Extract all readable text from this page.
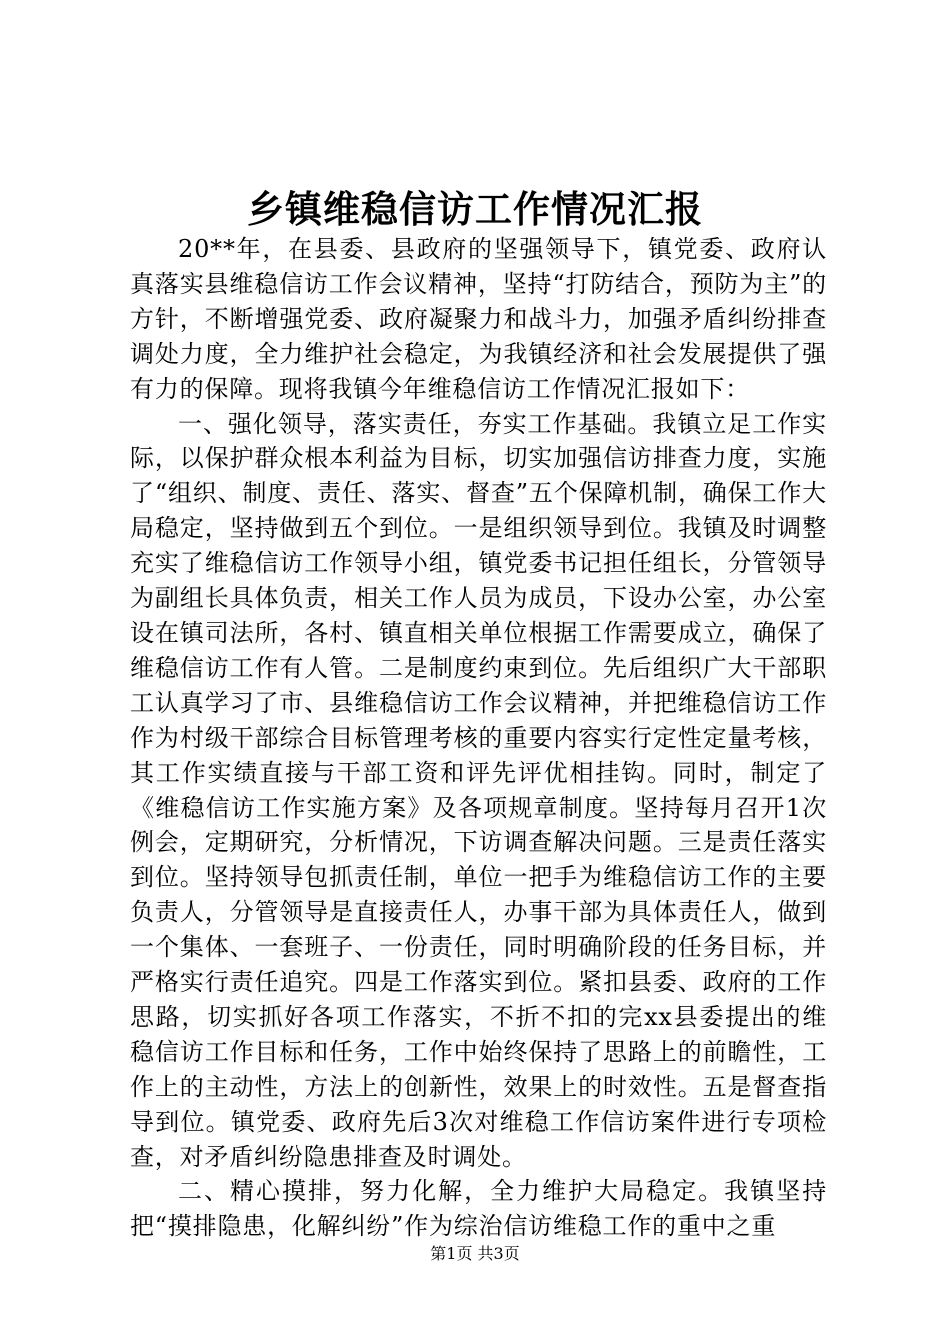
乡镇维稳信访工作情况汇报

20**年，在县委、县政府的坚强领导下，镇党委、政府认真落实县维稳信访工作会议精神，坚持“打防结合，预防为主”的方针，不断增强党委、政府凝聚力和战斗力，加强矛盾纠纷排查调处力度，全力维护社会稳定，为我镇经济和社会发展提供了强有力的保障。现将我镇今年维稳信访工作情况汇报如下：

一、强化领导，落实责任，夯实工作基础。我镇立足工作实际，以保护群众根本利益为目标，切实加强信访排查力度，实施了“组织、制度、责任、落实、督查”五个保障机制，确保工作大局稳定，坚持做到五个到位。一是组织领导到位。我镇及时调整充实了维稳信访工作领导小组，镇党委书记担任组长，分管领导为副组长具体负责，相关工作人员为成员，下设办公室，办公室设在镇司法所，各村、镇直相关单位根据工作需要成立，确保了维稳信访工作有人管。二是制度约束到位。先后组织广大干部职工认真学习了市、县维稳信访工作会议精神，并把维稳信访工作作为村级干部综合目标管理考核的重要内容实行定性定量考核，其工作实绩直接与干部工资和评先评优相挂钩。同时，制定了《维稳信访工作实施方案》及各项规章制度。坚持每月召开1次例会，定期研究，分析情况，下访调查解决问题。三是责任落实到位。坚持领导包抓责任制，单位一把手为维稳信访工作的主要负责人，分管领导是直接责任人，办事干部为具体责任人，做到一个集体、一套班子、一份责任，同时明确阶段的任务目标，并严格实行责任追究。四是工作落实到位。紧扣县委、政府的工作思路，切实抓好各项工作落实，不折不扣的完xx县委提出的维稳信访工作目标和任务，工作中始终保持了思路上的前瞻性，工作上的主动性，方法上的创新性，效果上的时效性。五是督查指导到位。镇党委、政府先后3次对维稳工作信访案件进行专项检查，对矛盾纠纷隐患排查及时调处。

二、精心摸排，努力化解，全力维护大局稳定。我镇坚持把“摸排隐患，化解纠纷”作为综治信访维稳工作的重中之重

第1页 共3页
